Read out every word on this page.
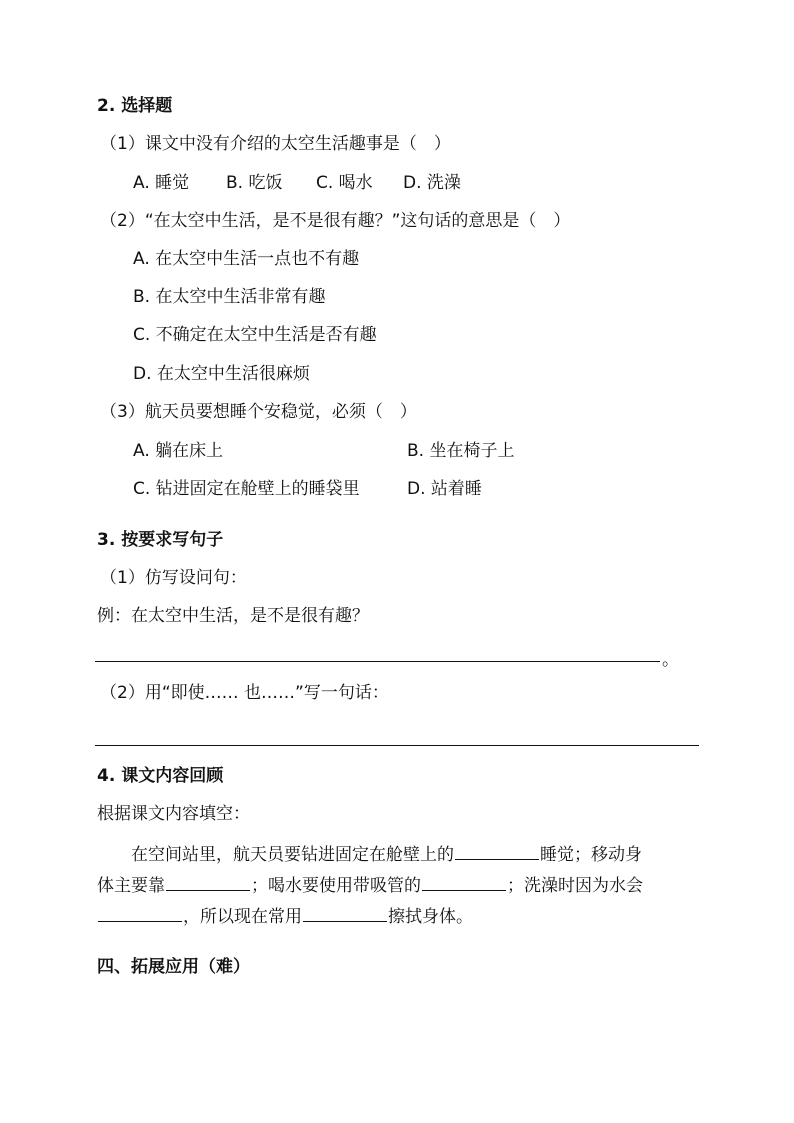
2. 选择题
（1）课文中没有介绍的太空生活趣事是（　）
A. 睡觉 B. 吃饭 C. 喝水 D. 洗澡
（2）“在太空中生活，是不是很有趣？”这句话的意思是（　）
A. 在太空中生活一点也不有趣
B. 在太空中生活非常有趣
C. 不确定在太空中生活是否有趣
D. 在太空中生活很麻烦
（3）航天员要想睡个安稳觉，必须（　）
A. 躺在床上	B. 坐在椅子上
C. 钻进固定在舱壁上的睡袋里	D. 站着睡
3. 按要求写句子
（1）仿写设问句：
例：在太空中生活，是不是很有趣？
。
（2）用“即使…… 也……”写一句话：
4. 课文内容回顾
根据课文内容填空：
在空间站里，航天员要钻进固定在舱壁上的	睡觉；移动身
体主要靠	；喝水要使用带吸管的	；洗澡时因为水会
，所以现在常用	擦拭身体。
四、拓展应用（难）
